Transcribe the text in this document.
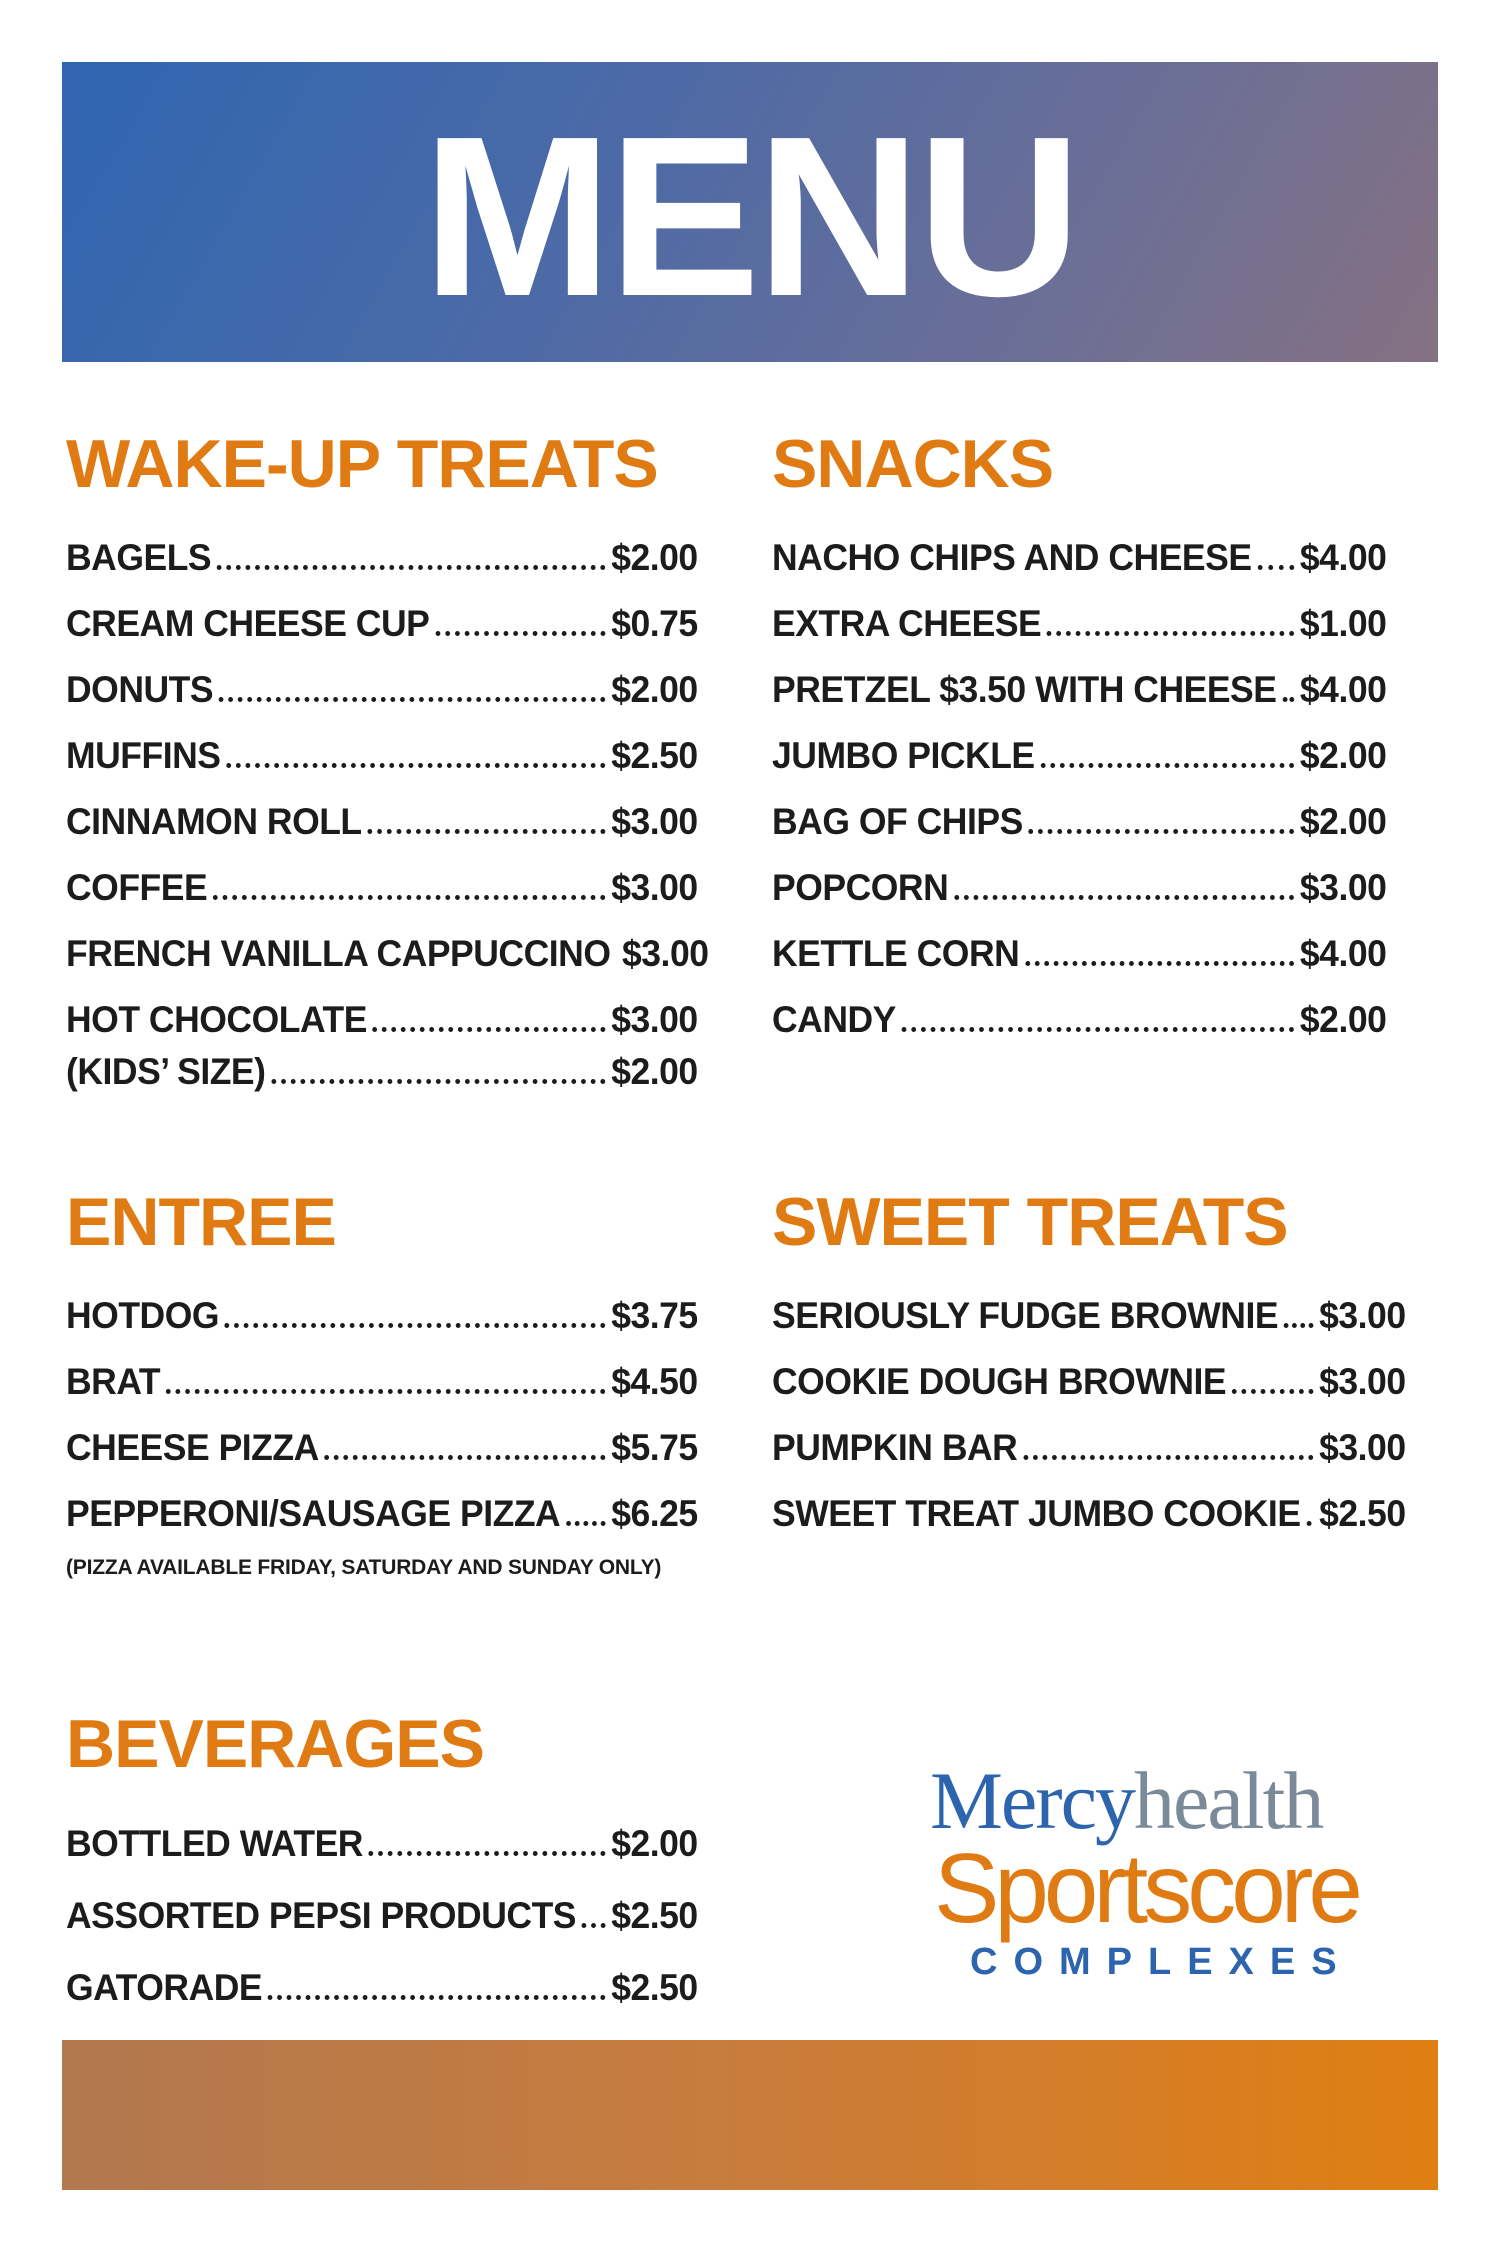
MENU
WAKE-UP TREATS
BAGELS	$2.00
CREAM CHEESE CUP	$0.75
DONUTS	$2.00
MUFFINS	$2.50
CINNAMON ROLL	$3.00
COFFEE	$3.00
FRENCH VANILLA CAPPUCCINO $3.00
HOT CHOCOLATE	$3.00
(KIDS’ SIZE)	$2.00
SNACKS
NACHO CHIPS AND CHEESE $4.00
EXTRA CHEESE	$1.00
PRETZEL $3.50 WITH CHEESE $4.00
JUMBO PICKLE	$2.00
BAG OF CHIPS	$2.00
POPCORN	$3.00
KETTLE CORN	$4.00
CANDY	$2.00
ENTREE
HOTDOG	$3.75
BRAT	$4.50
CHEESE PIZZA	$5.75
PEPPERONI/SAUSAGE PIZZA $6.25
(PIZZA AVAILABLE FRIDAY, SATURDAY AND SUNDAY ONLY)
SWEET TREATS
SERIOUSLY FUDGE BROWNIE $3.00
COOKIE DOUGH BROWNIE	$3.00
PUMPKIN BAR	$3.00
SWEET TREAT JUMBO COOKIE $2.50
BEVERAGES
BOTTLED WATER	$2.00
ASSORTED PEPSI PRODUCTS $2.50
GATORADE	$2.50
Mercyhealth
Sportscore
COMPLEXES
